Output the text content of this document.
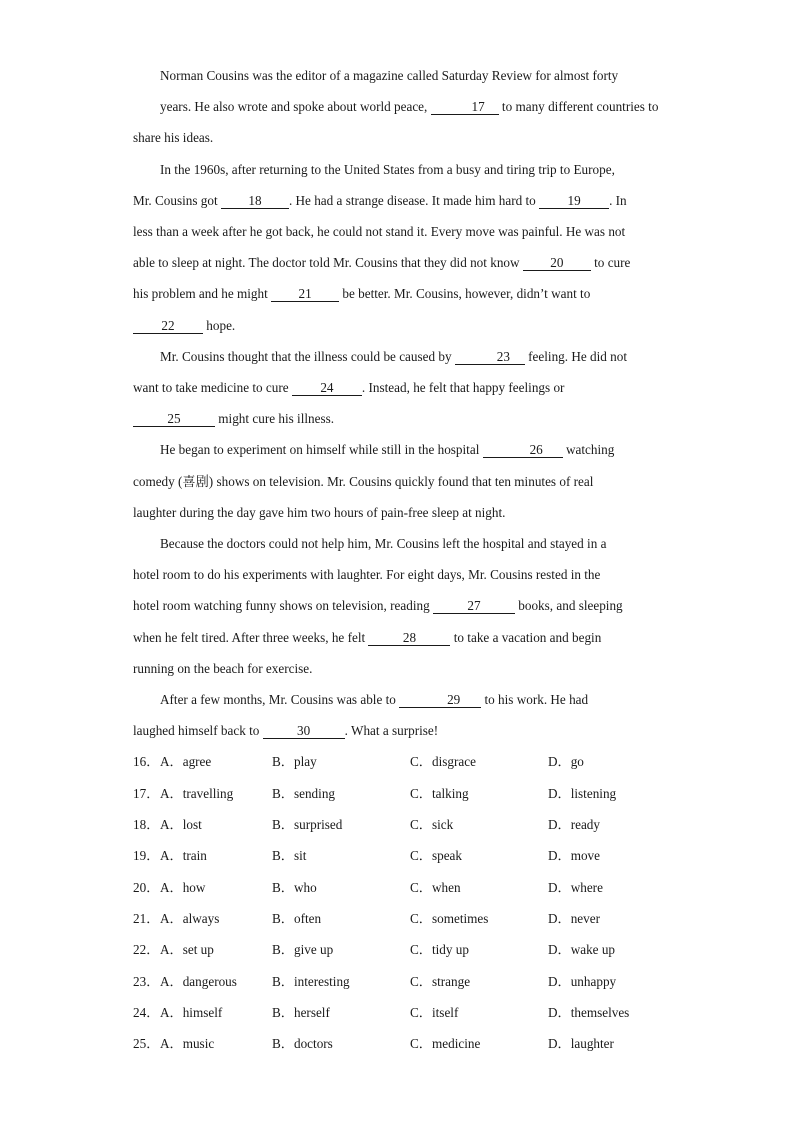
Norman Cousins was the editor of a magazine called Saturday Review for almost forty
years. He also wrote and spoke about world peace,	17 to many different countries to
share his ideas.

In the 1960s, after returning to the United States from a busy and tiring trip to Europe,
Mr. Cousins got 18 . He had a strange disease. It made him hard to 19 . In
less than a week after he got back, he could not stand it. Every move was painful. He was not
able to sleep at night. The doctor told Mr. Cousins that they did not know 20 to cure
his problem and he might 21 be better. Mr. Cousins, however, didn’t want to
22 hope.

Mr. Cousins thought that the illness could be caused by	23 feeling. He did not
want to take medicine to cure 24 . Instead, he felt that happy feelings or
25	might cure his illness.

He began to experiment on himself while still in the hospital	26 watching
comedy (喜剧) shows on television. Mr. Cousins quickly found that ten minutes of real
laughter during the day gave him two hours of pain-free sleep at night.

Because the doctors could not help him, Mr. Cousins left the hospital and stayed in a
hotel room to do his experiments with laughter. For eight days, Mr. Cousins rested in the
hotel room watching funny shows on television, reading	27	books, and sleeping
when he felt tired. After three weeks, he felt	28	to take a vacation and begin
running on the beach for exercise.

After a few months, Mr. Cousins was able to	29 to his work. He had
laughed himself back to	30	. What a surprise!

16． A．agree	B．play	C．disgrace	D．go
17． A．travelling	B．sending	C．talking	D．listening
18． A．lost	B．surprised	C．sick	D．ready
19． A．train	B．sit	C．speak	D．move
20． A．how	B．who	C．when	D．where
21． A．always	B．often	C．sometimes	D．never
22． A．set up	B．give up	C．tidy up	D．wake up
23． A．dangerous	B．interesting	C．strange	D．unhappy
24． A．himself	B．herself	C．itself	D．themselves
25． A．music	B．doctors	C．medicine	D．laughter
